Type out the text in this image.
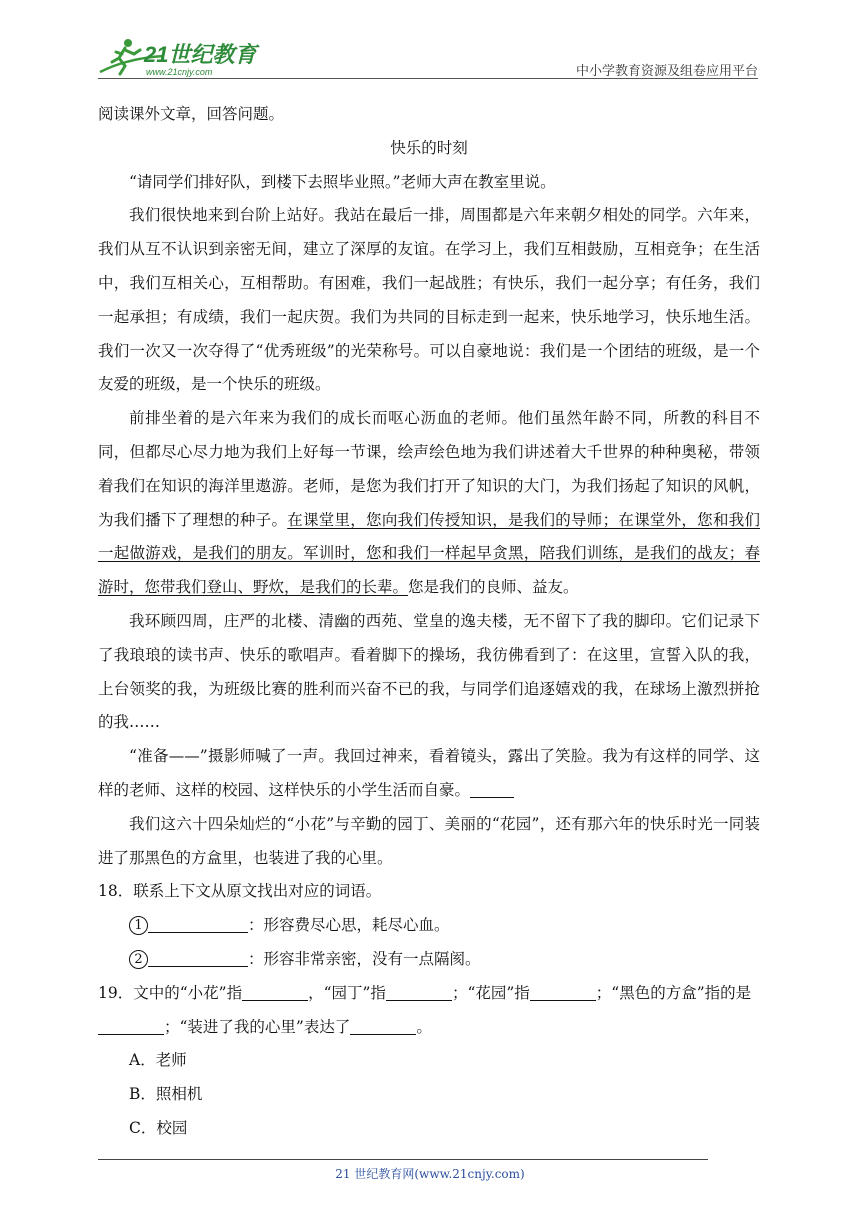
21世纪教育
www.21cnjy.com	中小学教育资源及组卷应用平台

阅读课外文章，回答问题。

快乐的时刻

“请同学们排好队，到楼下去照毕业照。”老师大声在教室里说。

我们很快地来到台阶上站好。我站在最后一排，周围都是六年来朝夕相处的同学。六年来，我们从互不认识到亲密无间，建立了深厚的友谊。在学习上，我们互相鼓励，互相竞争；在生活中，我们互相关心，互相帮助。有困难，我们一起战胜；有快乐，我们一起分享；有任务，我们一起承担；有成绩，我们一起庆贺。我们为共同的目标走到一起来，快乐地学习，快乐地生活。我们一次又一次夺得了“优秀班级”的光荣称号。可以自豪地说：我们是一个团结的班级，是一个友爱的班级，是一个快乐的班级。

前排坐着的是六年来为我们的成长而呕心沥血的老师。他们虽然年龄不同，所教的科目不同，但都尽心尽力地为我们上好每一节课，绘声绘色地为我们讲述着大千世界的种种奥秘，带领着我们在知识的海洋里遨游。老师，是您为我们打开了知识的大门，为我们扬起了知识的风帆，为我们播下了理想的种子。在课堂里，您向我们传授知识，是我们的导师；在课堂外，您和我们一起做游戏，是我们的朋友。军训时，您和我们一样起早贪黑，陪我们训练，是我们的战友；春游时，您带我们登山、野炊，是我们的长辈。您是我们的良师、益友。

我环顾四周，庄严的北楼、清幽的西苑、堂皇的逸夫楼，无不留下了我的脚印。它们记录下了我琅琅的读书声、快乐的歌唱声。看着脚下的操场，我彷佛看到了：在这里，宣誓入队的我，上台领奖的我，为班级比赛的胜利而兴奋不已的我，与同学们追逐嬉戏的我，在球场上激烈拼抢的我……

“准备——”摄影师喊了一声。我回过神来，看着镜头，露出了笑脸。我为有这样的同学、这样的老师、这样的校园、这样快乐的小学生活而自豪。

我们这六十四朵灿烂的“小花”与辛勤的园丁、美丽的“花园”，还有那六年的快乐时光一同装进了那黑色的方盒里，也装进了我的心里。

18．联系上下文从原文找出对应的词语。

1	：形容费尽心思，耗尽心血。

2	：形容非常亲密，没有一点隔阂。

19．文中的“小花”指	，“园丁”指	；“花园”指	；“黑色的方盒”指的是；“装进了我的心里”表达了	。

A．老师

B．照相机

C．校园

21 世纪教育网(www.21cnjy.com)
